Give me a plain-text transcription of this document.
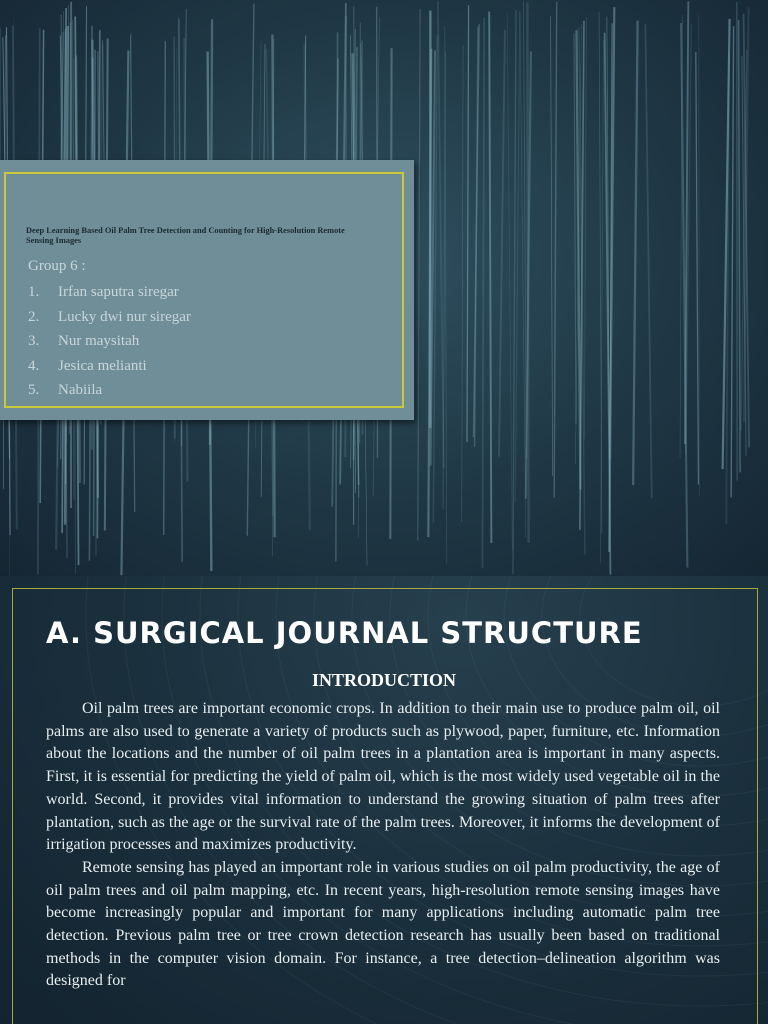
Deep Learning Based Oil Palm Tree Detection and Counting for High-Resolution Remote Sensing Images

Group 6 :
1.	Irfan saputra siregar
2.	Lucky dwi nur siregar
3.	Nur maysitah
4.	Jesica melianti
5.	Nabiila
A. SURGICAL JOURNAL STRUCTURE
INTRODUCTION

Oil palm trees are important economic crops. In addition to their main use to produce palm oil, oil palms are also used to generate a variety of products such as plywood, paper, furniture, etc. Information about the locations and the number of oil palm trees in a plantation area is important in many aspects. First, it is essential for predicting the yield of palm oil, which is the most widely used vegetable oil in the world. Second, it provides vital information to understand the growing situation of palm trees after plantation, such as the age or the survival rate of the palm trees. Moreover, it informs the development of irrigation processes and maximizes productivity.

Remote sensing has played an important role in various studies on oil palm productivity, the age of oil palm trees and oil palm mapping, etc. In recent years, high-resolution remote sensing images have become increasingly popular and important for many applications including automatic palm tree detection. Previous palm tree or tree crown detection research has usually been based on traditional methods in the computer vision domain. For instance, a tree detection–delineation algorithm was designed for
